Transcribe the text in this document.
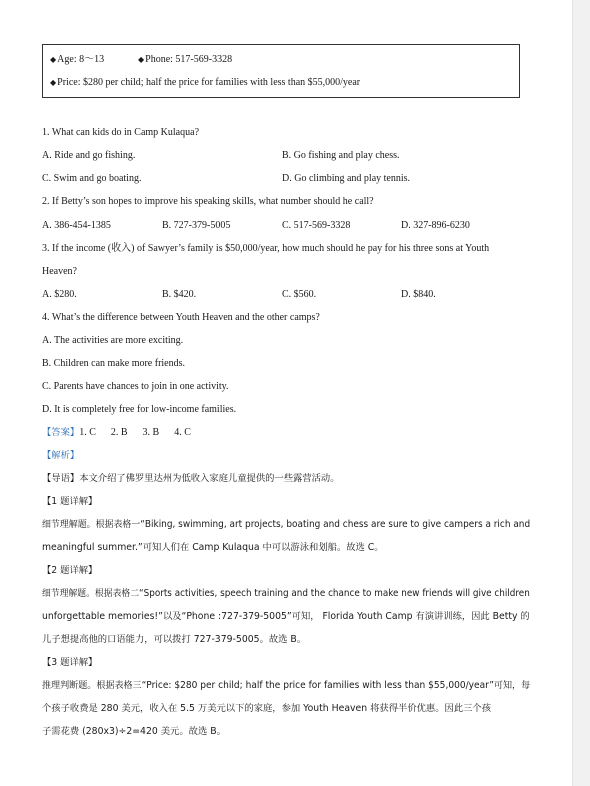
◆Age: 8～13	◆Phone: 517-569-3328
◆Price: $280 per child; half the price for families with less than $55,000/year
1. What can kids do in Camp Kulaqua?
A. Ride and go fishing.	B. Go fishing and play chess.
C. Swim and go boating.	D. Go climbing and play tennis.
2. If Betty’s son hopes to improve his speaking skills, what number should he call?
A. 386-454-1385	B. 727-379-5005	C. 517-569-3328	D. 327-896-6230
3. If the income (收入) of Sawyer’s family is $50,000/year, how much should he pay for his three sons at Youth
Heaven?
A. $280.	B. $420.	C. $560.	D. $840.
4. What’s the difference between Youth Heaven and the other camps?
A. The activities are more exciting.
B. Children can make more friends.
C. Parents have chances to join in one activity.
D. It is completely free for low-income families.
【答案】1. C      2. B      3. B      4. C
【解析】
【导语】本文介绍了佛罗里达州为低收入家庭儿童提供的一些露营活动。
【1 题详解】
细节理解题。根据表格一“Biking, swimming, art projects, boating and chess are sure to give campers a rich and
meaningful summer.”可知人们在 Camp Kulaqua 中可以游泳和划船。故选 C。
【2 题详解】
细节理解题。根据表格二“Sports activities, speech training and the chance to make new friends will give children
unforgettable memories!”以及“Phone :727-379-5005”可知， Florida Youth Camp 有演讲训练，因此 Betty 的
儿子想提高他的口语能力，可以拨打 727-379-5005。故选 B。
【3 题详解】
推理判断题。根据表格三“Price: $280 per child; half the price for families with less than $55,000/year”可知，每
个孩子收费是 280 美元，收入在 5.5 万美元以下的家庭，参加 Youth Heaven 将获得半价优惠。因此三个孩
子需花费 (280x3)÷2=420 美元。故选 B。
